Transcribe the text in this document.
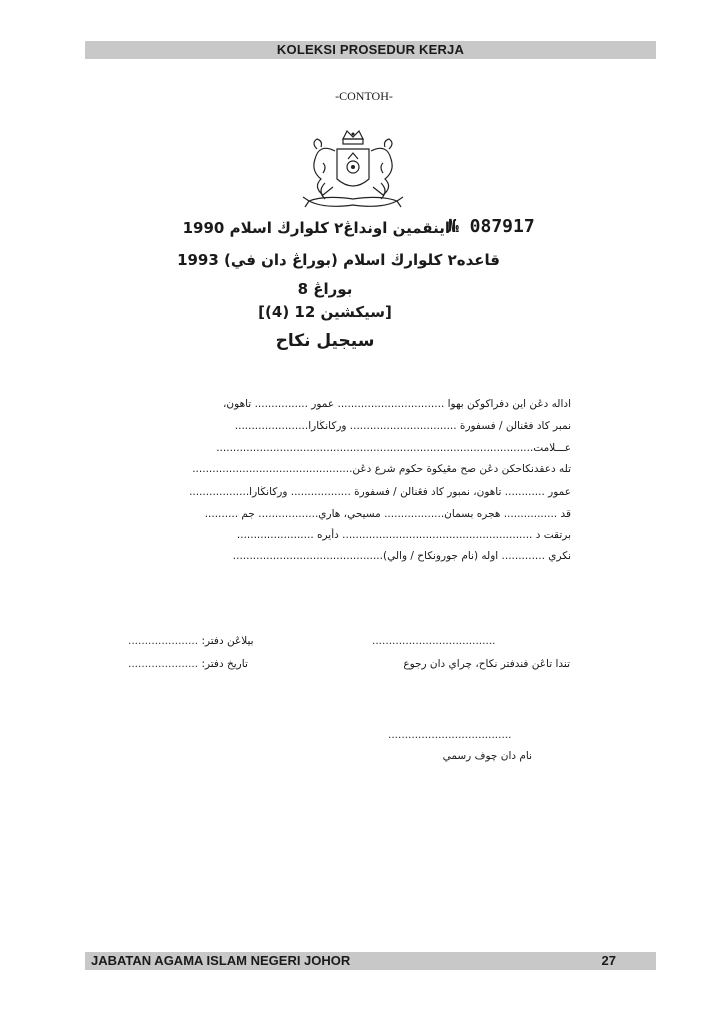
KOLEKSI PROSEDUR KERJA
-CONTOH-
№ 087917
اينقمين اونداڠ٢ كلوارڬ اسلام 1990
قاعده٢ كلوارڬ اسلام (بوراڠ دان في) 1993
بوراڠ 8
[سيكشين 12 (4)]
سيجيل نكاح
اداله دڠن اين دفراكوكن بهوا ................................ عمور ................ تاهون،
نمبر كاد فڠنالن / فسفورة ................................ وركانڬارا......................
عـــلامت...............................................................................................
تله دعقدنكاحكن دڠن صح مڠيكوة حكوم شرع دڠن................................................
عمور ............ تاهون، نمبور كاد فڠنالن / فسفورة .................. وركانڬارا..................
قد ................ هجره بسمان.................. مسيحي، هاري.................. جم ..........
برتقت د ......................................................... دأيره .......................
نكري ............. اوله (نام جورونكاح / والي).............................................
..................... بيلاڠن دفتر:
..................... تاريخ دفتر:
.....................................
تندا تاڠن فندفتر نكاح، چراي دان رجوع
.....................................
نام دان چوف رسمي
JABATAN AGAMA ISLAM NEGERI JOHOR	27
